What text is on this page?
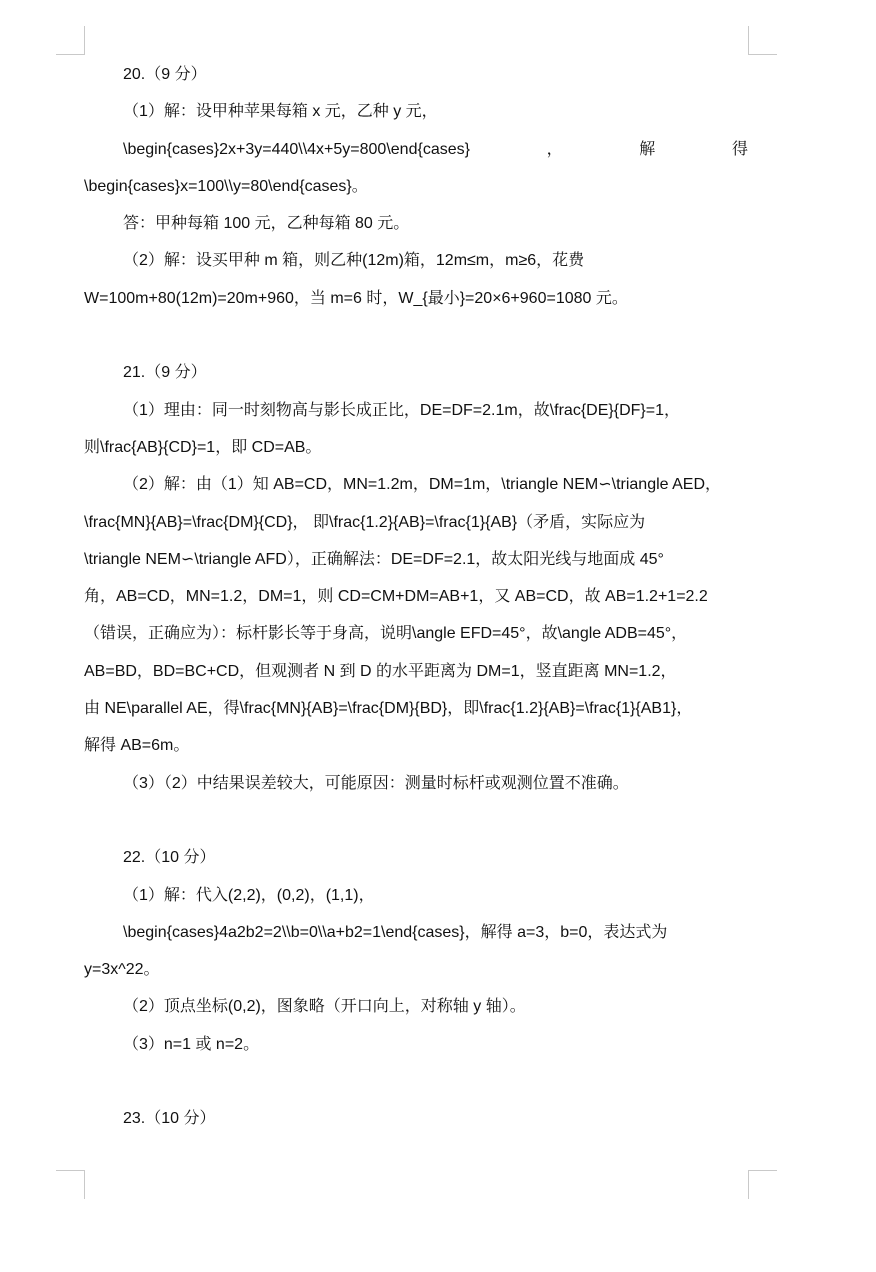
20.（9 分）
（1）解：设甲种苹果每箱 x 元，乙种 y 元，
\begin{cases}2x+3y=440\\4x+5y=800\end{cases}	，	解	得
\begin{cases}x=100\\y=80\end{cases}。
答：甲种每箱 100 元，乙种每箱 80 元。
（2）解：设买甲种 m 箱，则乙种(12m)箱，12m≤m，m≥6，花费
W=100m+80(12m)=20m+960，当 m=6 时，W_{最小}=20×6+960=1080 元。
21.（9 分）
（1）理由：同一时刻物高与影长成正比，DE=DF=2.1m，故\frac{DE}{DF}=1，
则\frac{AB}{CD}=1，即 CD=AB。
（2）解：由（1）知 AB=CD，MN=1.2m，DM=1m，\triangle NEM∽\triangle AED，
\frac{MN}{AB}=\frac{DM}{CD}， 即\frac{1.2}{AB}=\frac{1}{AB}（矛盾，实际应为
\triangle NEM∽\triangle AFD），正确解法：DE=DF=2.1，故太阳光线与地面成 45°
角，AB=CD，MN=1.2，DM=1，则 CD=CM+DM=AB+1，又 AB=CD，故 AB=1.2+1=2.2
（错误，正确应为）：标杆影长等于身高，说明\angle EFD=45°，故\angle ADB=45°，
AB=BD，BD=BC+CD，但观测者 N 到 D 的水平距离为 DM=1，竖直距离 MN=1.2，
由 NE\parallel AE，得\frac{MN}{AB}=\frac{DM}{BD}，即\frac{1.2}{AB}=\frac{1}{AB1}，
解得 AB=6m。
（3）（2）中结果误差较大，可能原因：测量时标杆或观测位置不准确。
22.（10 分）
（1）解：代入(2,2)，(0,2)，(1,1)，
\begin{cases}4a2b2=2\\b=0\\a+b2=1\end{cases}，解得 a=3，b=0，表达式为
y=3x^22。
（2）顶点坐标(0,2)，图象略（开口向上，对称轴 y 轴）。
（3）n=1 或 n=2。
23.（10 分）
